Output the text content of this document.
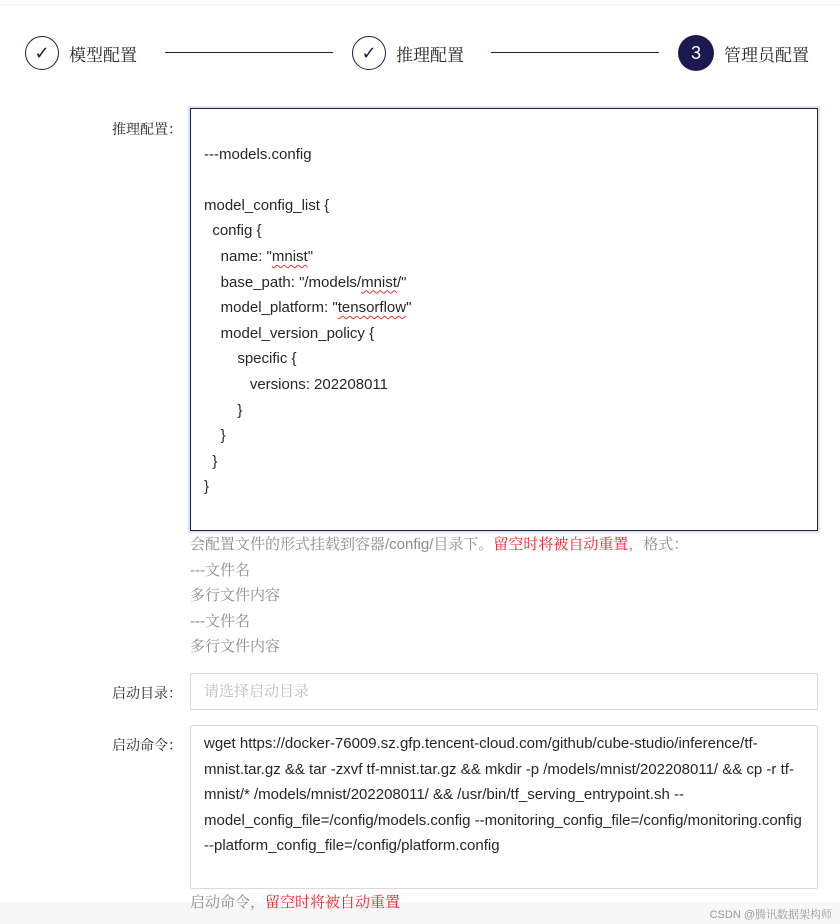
✓	模型配置	✓	推理配置	3	管理员配置
推理配置：
---models.config
model_config_list {
config {
name: "mnist"
base_path: "/models/mnist/"
model_platform: "tensorflow"
model_version_policy {
specific {
versions: 202208011
}
}
}
}
会配置文件的形式挂载到容器/config/目录下。留空时将被自动重置，格式：
---文件名
多行文件内容
---文件名
多行文件内容
启动目录：	请选择启动目录
启动命令：	wget https://docker-76009.sz.gfp.tencent-cloud.com/github/cube-studio/inference/tf-mnist.tar.gz && tar -zxvf tf-mnist.tar.gz && mkdir -p /models/mnist/202208011/ && cp -r tf-mnist/* /models/mnist/202208011/ && /usr/bin/tf_serving_entrypoint.sh --model_config_file=/config/models.config --monitoring_config_file=/config/monitoring.config --platform_config_file=/config/platform.config
启动命令，留空时将被自动重置
CSDN @腾讯数据架构师
